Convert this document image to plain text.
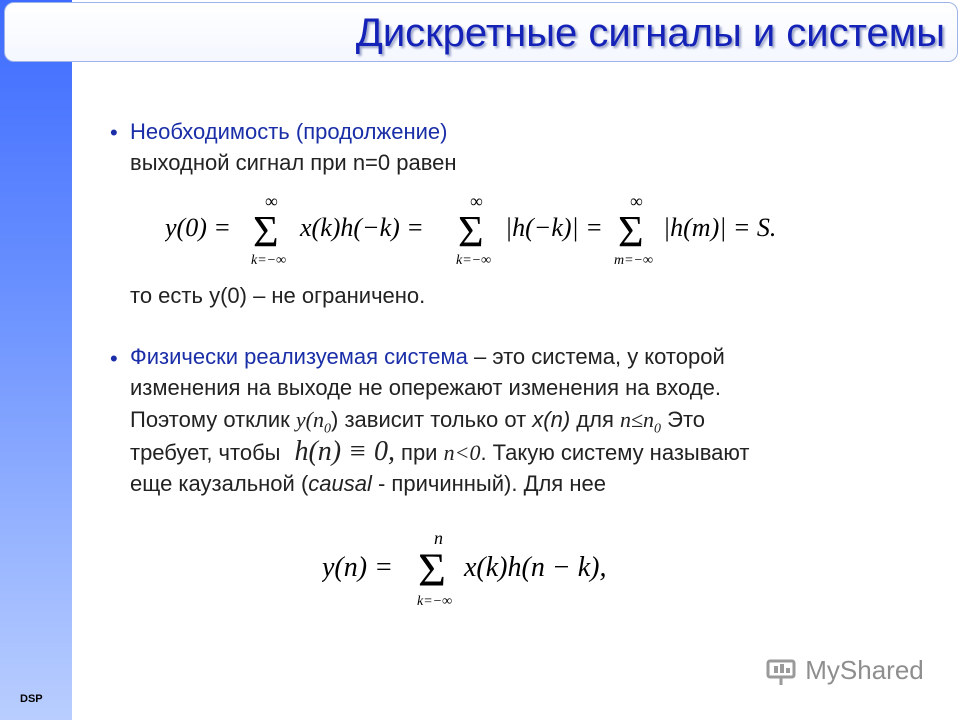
DSP
Дискретные сигналы и системы
• Необходимость (продолжение)
выходной сигнал при n=0 равен
y(0) =
∞
Σ
k=−∞
x(k)h(−k) =
∞
Σ
k=−∞
|h(−k)| =
∞
Σ
m=−∞
|h(m)| = S.
то есть y(0) – не ограничено.
• Физически реализуемая система – это система, у которой
изменения на выходе не опережают изменения на входе.
Поэтому отклик $y(n_0)$ зависит только от x(n) для $n\le n_0$ Это
требует, чтобы h(n) ≡ 0, при n<0. Такую систему называют
еще каузальной (causal - причинный). Для нее
y(n) =
n
Σ
k=−∞
x(k)h(n − k),
MyShared
